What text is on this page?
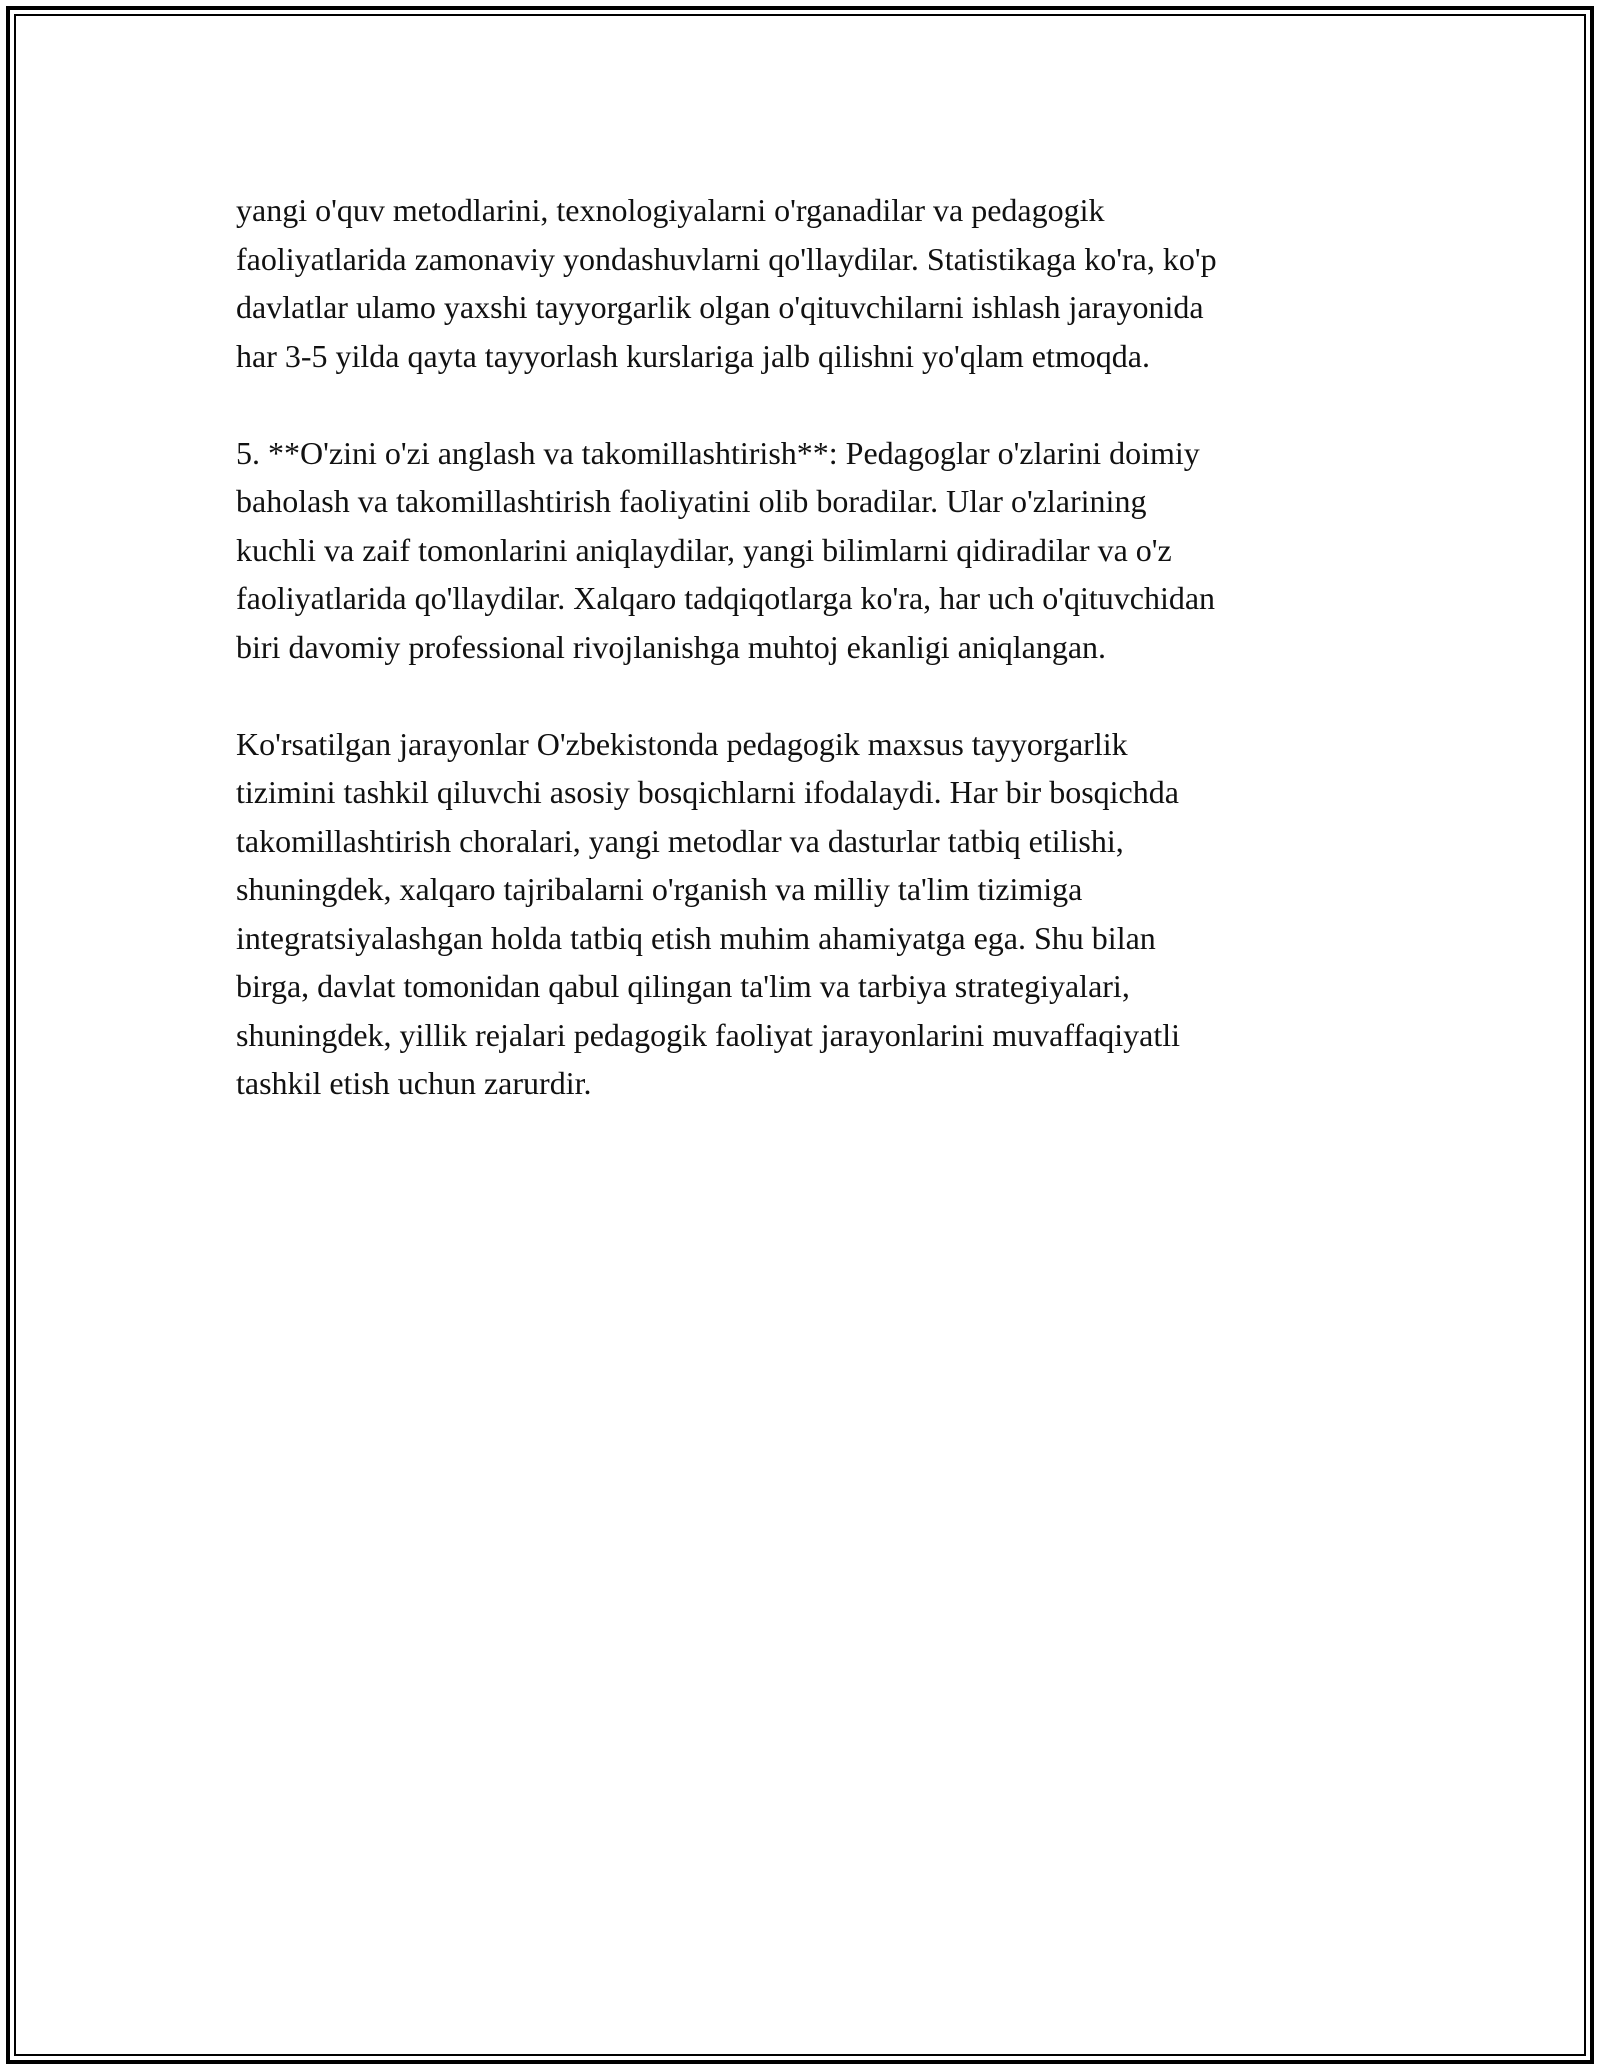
yangi o'quv metodlarini, texnologiyalarni o'rganadilar va pedagogik
faoliyatlarida zamonaviy yondashuvlarni qo'llaydilar. Statistikaga ko'ra, ko'p
davlatlar ulamo yaxshi tayyorgarlik olgan o'qituvchilarni ishlash jarayonida
har 3-5 yilda qayta tayyorlash kurslariga jalb qilishni yo'qlam etmoqda.

5. **O'zini o'zi anglash va takomillashtirish**: Pedagoglar o'zlarini doimiy
baholash va takomillashtirish faoliyatini olib boradilar. Ular o'zlarining
kuchli va zaif tomonlarini aniqlaydilar, yangi bilimlarni qidiradilar va o'z
faoliyatlarida qo'llaydilar. Xalqaro tadqiqotlarga ko'ra, har uch o'qituvchidan
biri davomiy professional rivojlanishga muhtoj ekanligi aniqlangan.

Ko'rsatilgan jarayonlar O'zbekistonda pedagogik maxsus tayyorgarlik
tizimini tashkil qiluvchi asosiy bosqichlarni ifodalaydi. Har bir bosqichda
takomillashtirish choralari, yangi metodlar va dasturlar tatbiq etilishi,
shuningdek, xalqaro tajribalarni o'rganish va milliy ta'lim tizimiga
integratsiyalashgan holda tatbiq etish muhim ahamiyatga ega. Shu bilan
birga, davlat tomonidan qabul qilingan ta'lim va tarbiya strategiyalari,
shuningdek, yillik rejalari pedagogik faoliyat jarayonlarini muvaffaqiyatli
tashkil etish uchun zarurdir.
